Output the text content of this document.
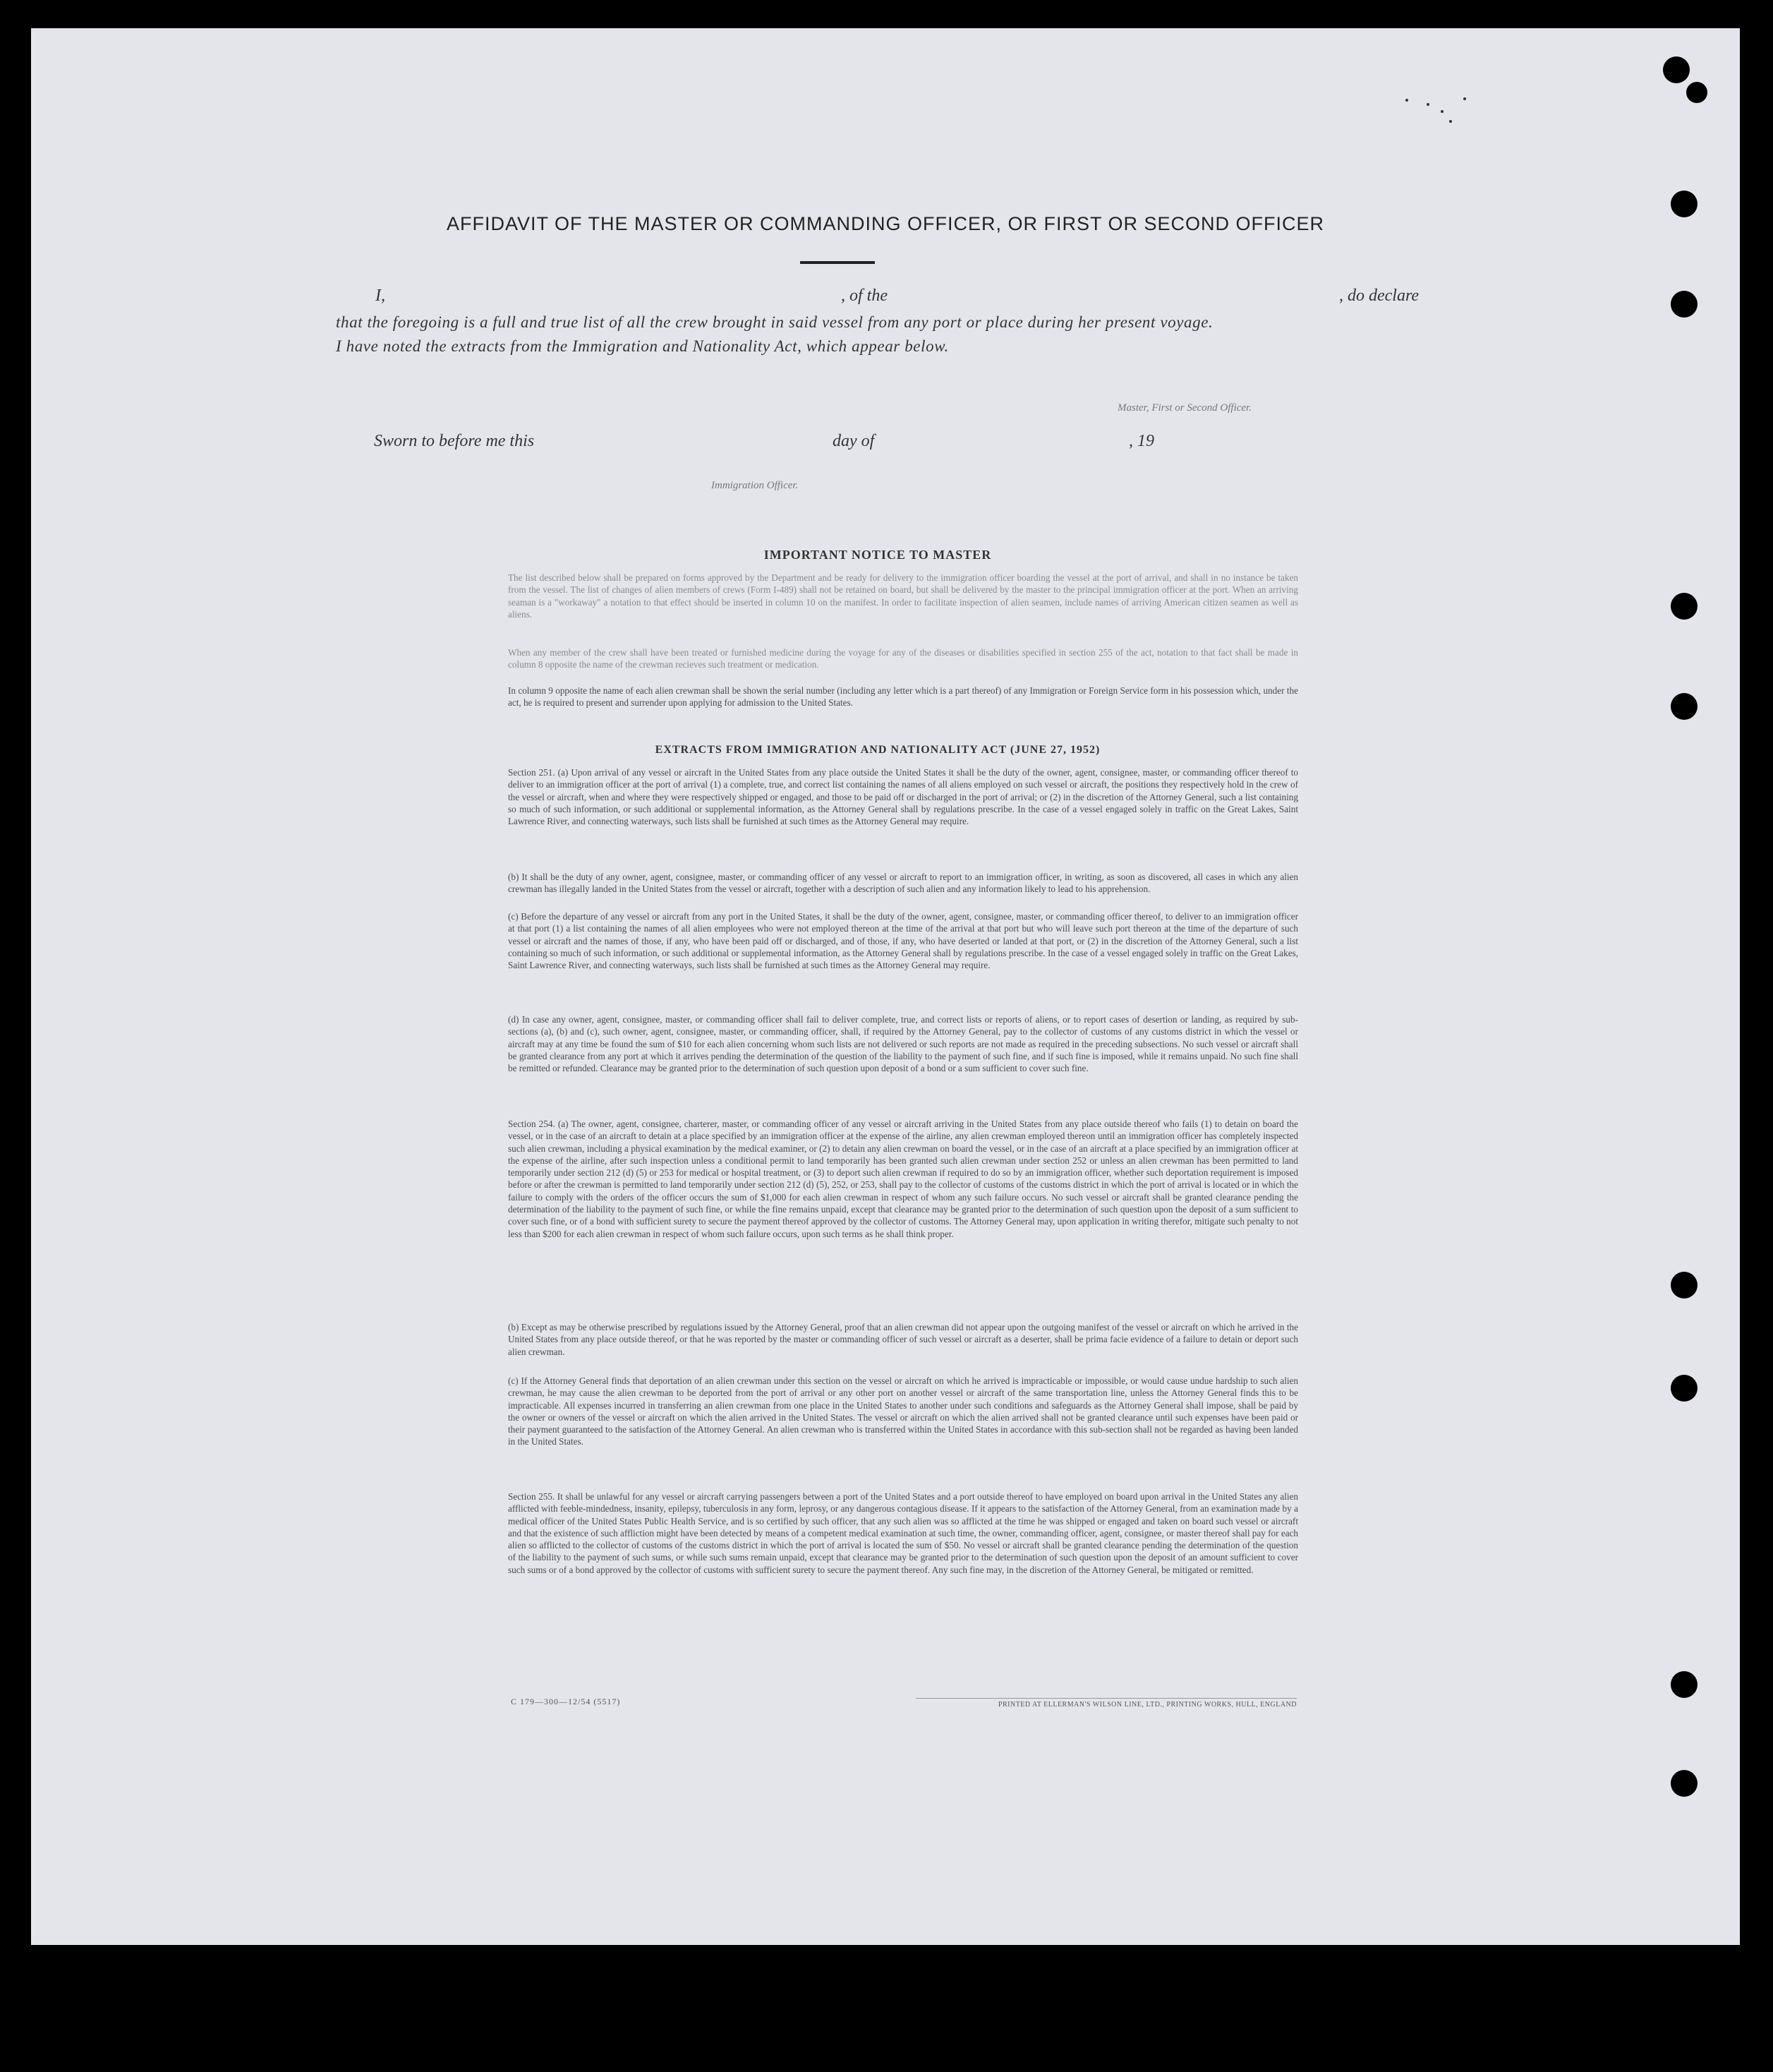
AFFIDAVIT OF THE MASTER OR COMMANDING OFFICER, OR FIRST OR SECOND OFFICER
I,	, of the	, do declare
that the foregoing is a full and true list of all the crew brought in said vessel from any port or place during her present voyage.
I have noted the extracts from the Immigration and Nationality Act, which appear below.
Master, First or Second Officer.
Sworn to before me this	day of	, 19
Immigration Officer.
IMPORTANT NOTICE TO MASTER

The list described below shall be prepared on forms approved by the Department and be ready for delivery to the immigration officer boarding the vessel at the port of arrival, and shall in no instance be taken from the vessel. The list of changes of alien members of crews (Form I-489) shall not be retained on board, but shall be delivered by the master to the principal immigration officer at the port. When an arriving seaman is a "workaway" a notation to that effect should be inserted in column 10 on the manifest. In order to facilitate inspection of alien seamen, include names of arriving American citizen seamen as well as aliens.

When any member of the crew shall have been treated or furnished medicine during the voyage for any of the diseases or disabilities specified in section 255 of the act, notation to that fact shall be made in column 8 opposite the name of the crewman recieves such treatment or medication.

In column 9 opposite the name of each alien crewman shall be shown the serial number (including any letter which is a part thereof) of any Immigration or Foreign Service form in his possession which, under the act, he is required to present and surrender upon applying for admission to the United States.

EXTRACTS FROM IMMIGRATION AND NATIONALITY ACT (JUNE 27, 1952)

Section 251. (a) Upon arrival of any vessel or aircraft in the United States from any place outside the United States it shall be the duty of the owner, agent, consignee, master, or commanding officer thereof to deliver to an immigration officer at the port of arrival (1) a complete, true, and correct list containing the names of all aliens employed on such vessel or aircraft, the positions they respectively hold in the crew of the vessel or aircraft, when and where they were respectively shipped or engaged, and those to be paid off or discharged in the port of arrival; or (2) in the discretion of the Attorney General, such a list containing so much of such information, or such additional or supplemental information, as the Attorney General shall by regulations prescribe. In the case of a vessel engaged solely in traffic on the Great Lakes, Saint Lawrence River, and connecting waterways, such lists shall be furnished at such times as the Attorney General may require.

(b) It shall be the duty of any owner, agent, consignee, master, or commanding officer of any vessel or aircraft to report to an immigration officer, in writing, as soon as discovered, all cases in which any alien crewman has illegally landed in the United States from the vessel or aircraft, together with a description of such alien and any information likely to lead to his apprehension.

(c) Before the departure of any vessel or aircraft from any port in the United States, it shall be the duty of the owner, agent, consignee, master, or commanding officer thereof, to deliver to an immigration officer at that port (1) a list containing the names of all alien employees who were not employed thereon at the time of the arrival at that port but who will leave such port thereon at the time of the departure of such vessel or aircraft and the names of those, if any, who have been paid off or discharged, and of those, if any, who have deserted or landed at that port, or (2) in the discretion of the Attorney General, such a list containing so much of such information, or such additional or supplemental information, as the Attorney General shall by regulations prescribe. In the case of a vessel engaged solely in traffic on the Great Lakes, Saint Lawrence River, and connecting waterways, such lists shall be furnished at such times as the Attorney General may require.

(d) In case any owner, agent, consignee, master, or commanding officer shall fail to deliver complete, true, and correct lists or reports of aliens, or to report cases of desertion or landing, as required by sub-sections (a), (b) and (c), such owner, agent, consignee, master, or commanding officer, shall, if required by the Attorney General, pay to the collector of customs of any customs district in which the vessel or aircraft may at any time be found the sum of $10 for each alien concerning whom such lists are not delivered or such reports are not made as required in the preceding subsections. No such vessel or aircraft shall be granted clearance from any port at which it arrives pending the determination of the question of the liability to the payment of such fine, and if such fine is imposed, while it remains unpaid. No such fine shall be remitted or refunded. Clearance may be granted prior to the determination of such question upon deposit of a bond or a sum sufficient to cover such fine.

Section 254. (a) The owner, agent, consignee, charterer, master, or commanding officer of any vessel or aircraft arriving in the United States from any place outside thereof who fails (1) to detain on board the vessel, or in the case of an aircraft to detain at a place specified by an immigration officer at the expense of the airline, any alien crewman employed thereon until an immigration officer has completely inspected such alien crewman, including a physical examination by the medical examiner, or (2) to detain any alien crewman on board the vessel, or in the case of an aircraft at a place specified by an immigration officer at the expense of the airline, after such inspection unless a conditional permit to land temporarily has been granted such alien crewman under section 252 or unless an alien crewman has been permitted to land temporarily under section 212 (d) (5) or 253 for medical or hospital treatment, or (3) to deport such alien crewman if required to do so by an immigration officer, whether such deportation requirement is imposed before or after the crewman is permitted to land temporarily under section 212 (d) (5), 252, or 253, shall pay to the collector of customs of the customs district in which the port of arrival is located or in which the failure to comply with the orders of the officer occurs the sum of $1,000 for each alien crewman in respect of whom any such failure occurs. No such vessel or aircraft shall be granted clearance pending the determination of the liability to the payment of such fine, or while the fine remains unpaid, except that clearance may be granted prior to the determination of such question upon the deposit of a sum sufficient to cover such fine, or of a bond with sufficient surety to secure the payment thereof approved by the collector of customs. The Attorney General may, upon application in writing therefor, mitigate such penalty to not less than $200 for each alien crewman in respect of whom such failure occurs, upon such terms as he shall think proper.

(b) Except as may be otherwise prescribed by regulations issued by the Attorney General, proof that an alien crewman did not appear upon the outgoing manifest of the vessel or aircraft on which he arrived in the United States from any place outside thereof, or that he was reported by the master or commanding officer of such vessel or aircraft as a deserter, shall be prima facie evidence of a failure to detain or deport such alien crewman.

(c) If the Attorney General finds that deportation of an alien crewman under this section on the vessel or aircraft on which he arrived is impracticable or impossible, or would cause undue hardship to such alien crewman, he may cause the alien crewman to be deported from the port of arrival or any other port on another vessel or aircraft of the same transportation line, unless the Attorney General finds this to be impracticable. All expenses incurred in transferring an alien crewman from one place in the United States to another under such conditions and safeguards as the Attorney General shall impose, shall be paid by the owner or owners of the vessel or aircraft on which the alien arrived in the United States. The vessel or aircraft on which the alien arrived shall not be granted clearance until such expenses have been paid or their payment guaranteed to the satisfaction of the Attorney General. An alien crewman who is transferred within the United States in accordance with this sub-section shall not be regarded as having been landed in the United States.

Section 255. It shall be unlawful for any vessel or aircraft carrying passengers between a port of the United States and a port outside thereof to have employed on board upon arrival in the United States any alien afflicted with feeble-mindedness, insanity, epilepsy, tuberculosis in any form, leprosy, or any dangerous contagious disease. If it appears to the satisfaction of the Attorney General, from an examination made by a medical officer of the United States Public Health Service, and is so certified by such officer, that any such alien was so afflicted at the time he was shipped or engaged and taken on board such vessel or aircraft and that the existence of such affliction might have been detected by means of a competent medical examination at such time, the owner, commanding officer, agent, consignee, or master thereof shall pay for each alien so afflicted to the collector of customs of the customs district in which the port of arrival is located the sum of $50. No vessel or aircraft shall be granted clearance pending the determination of the question of the liability to the payment of such sums, or while such sums remain unpaid, except that clearance may be granted prior to the determination of such question upon the deposit of an amount sufficient to cover such sums or of a bond approved by the collector of customs with sufficient surety to secure the payment thereof. Any such fine may, in the discretion of the Attorney General, be mitigated or remitted.

C 179—300—12/54 (5517)	PRINTED AT ELLERMAN'S WILSON LINE, LTD., PRINTING WORKS, HULL, ENGLAND
